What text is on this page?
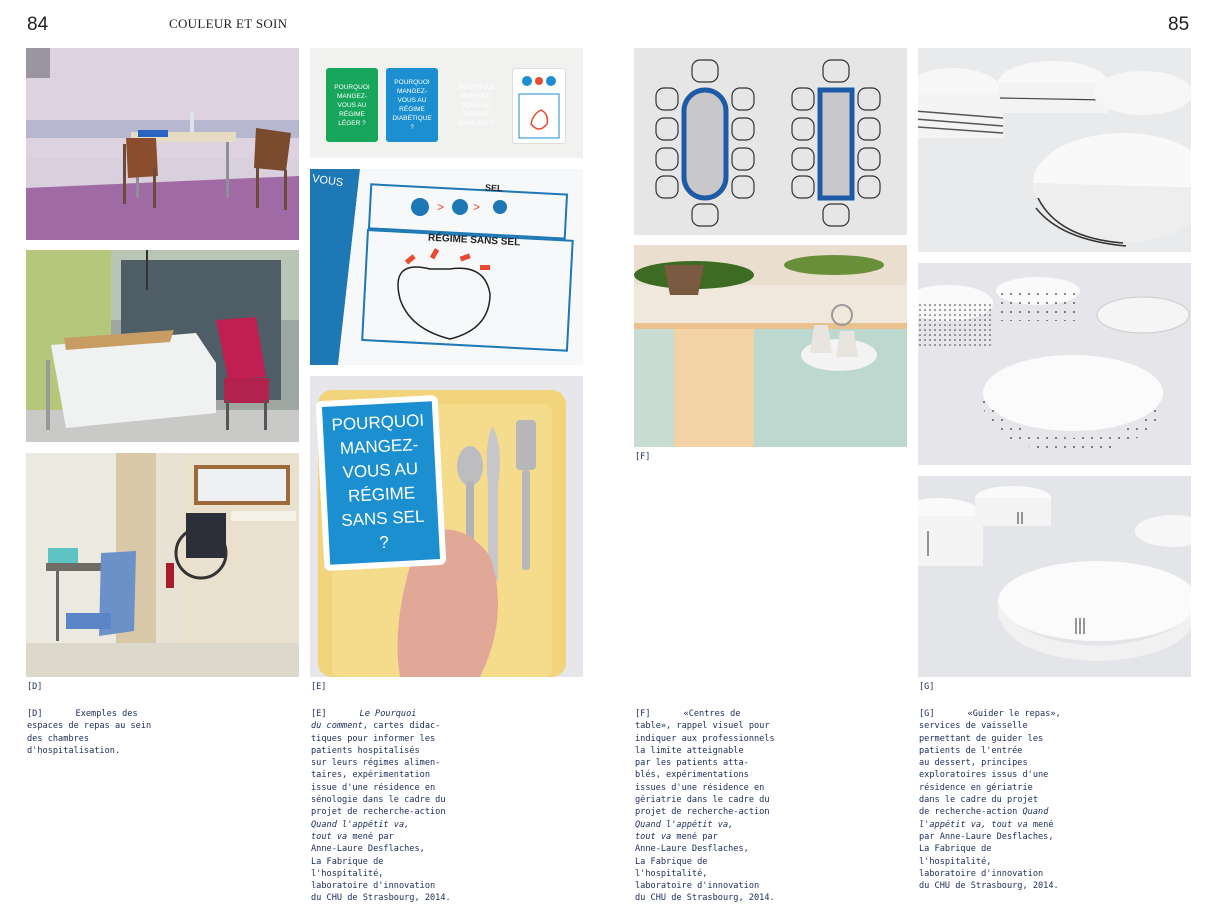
84	COULEUR ET SOIN	85
POURQUOI MANGEZ-VOUS AU RÉGIME LÉGER ?
POURQUOI MANGEZ-VOUS AU RÉGIME DIABÉTIQUE ?
POURQUOI MANGEZ-VOUS AU RÉGIME SANS SEL ?
> >
SEL
RÉGIME SANS SEL
VOUS
POURQUOI MANGEZ-VOUS AU RÉGIME SANS SEL ?
[D]	[E]
[F]
[G]

[D]	Exemples des

espaces de repas au sein

des chambres

d'hospitalisation.

[E]	Le Pourquoi

du comment, cartes didac-

tiques pour informer les

patients hospitalisés

sur leurs régimes alimen-

taires, expérimentation

issue d'une résidence en

sénologie dans le cadre du

projet de recherche-action

Quand l'appétit va,

tout va mené par

Anne-Laure Desflaches,

La Fabrique de l'hospitalité,

laboratoire d'innovation

du CHU de Strasbourg, 2014.

[F]	«Centres de

table», rappel visuel pour

indiquer aux professionnels

la limite atteignable

par les patients atta-

blés, expérimentations

issues d'une résidence en

gériatrie dans le cadre du

projet de recherche-action

Quand l'appétit va,

tout va mené par

Anne-Laure Desflaches,

La Fabrique de l'hospitalité,

laboratoire d'innovation

du CHU de Strasbourg, 2014.

[G]	«Guider le repas»,

services de vaisselle

permettant de guider les

patients de l'entrée

au dessert, principes

exploratoires issus d'une

résidence en gériatrie

dans le cadre du projet

de recherche-action Quand

l'appétit va, tout va mené

par Anne-Laure Desflaches,

La Fabrique de l'hospitalité,

laboratoire d'innovation

du CHU de Strasbourg, 2014.
